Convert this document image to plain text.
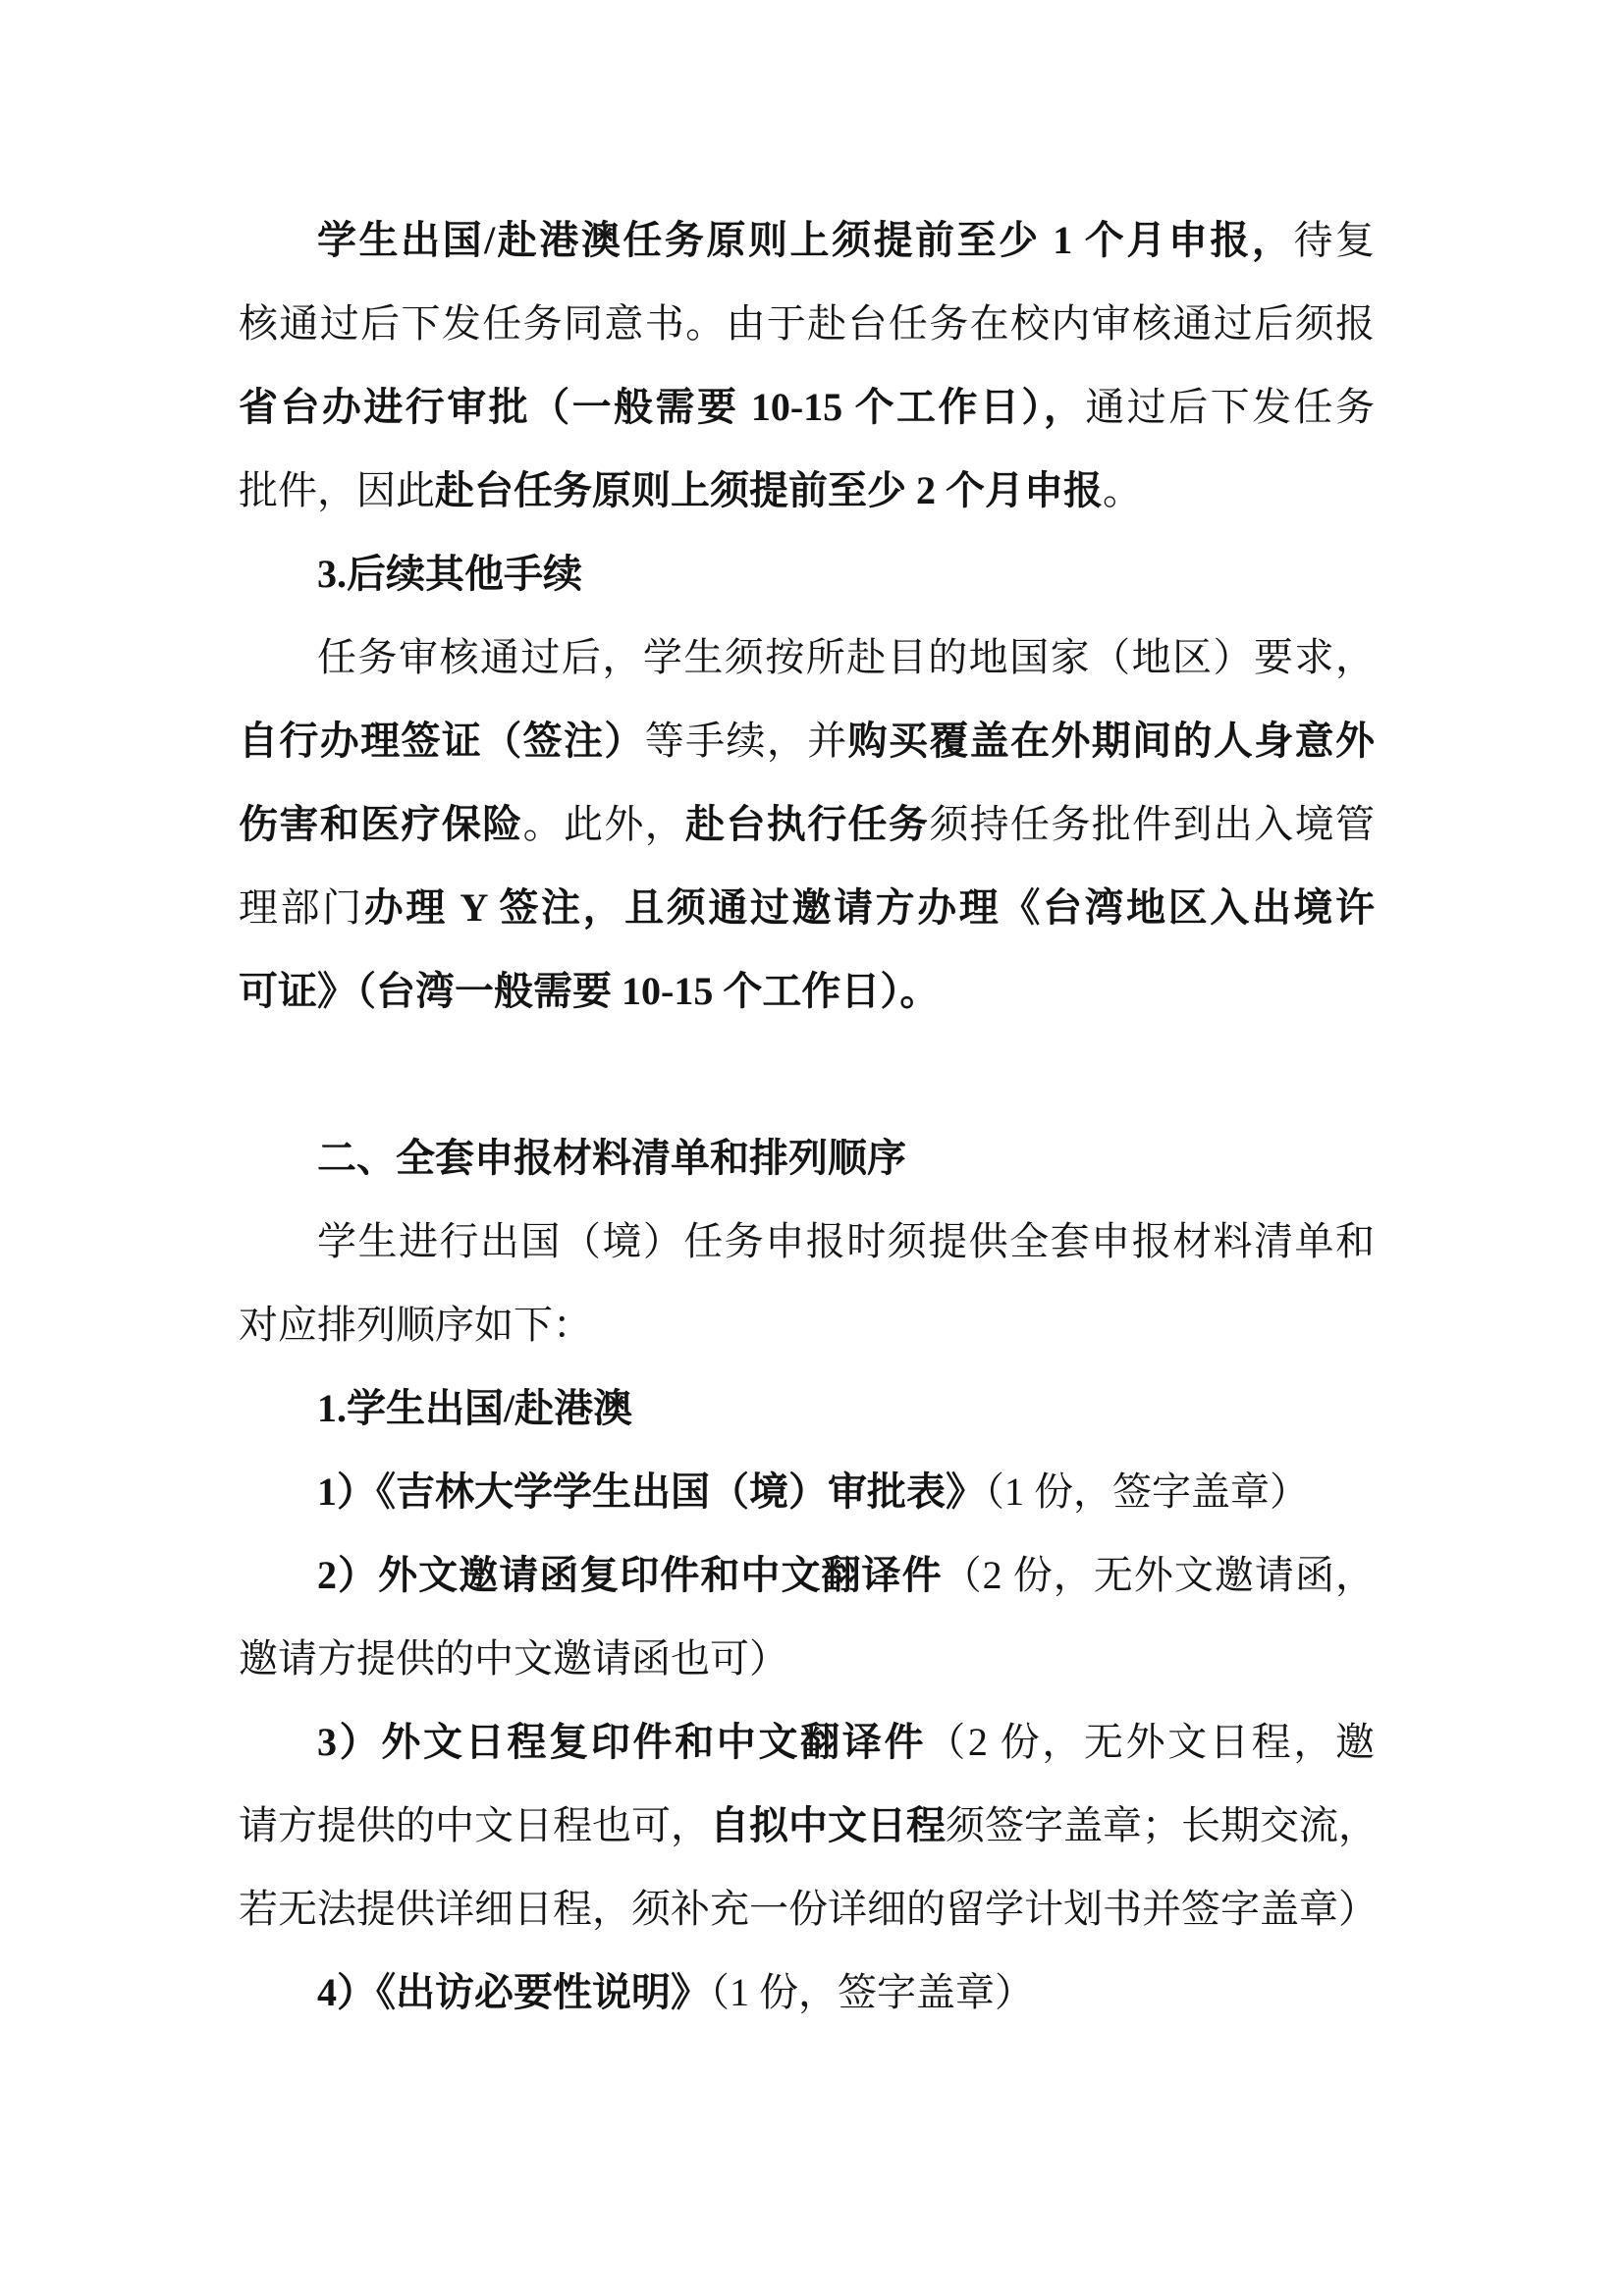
学生出国/赴港澳任务原则上须提前至少 1 个月申报，待复
核通过后下发任务同意书。由于赴台任务在校内审核通过后须报
省台办进行审批（一般需要 10-15 个工作日），通过后下发任务
批件，因此赴台任务原则上须提前至少 2 个月申报。
3.后续其他手续
任务审核通过后，学生须按所赴目的地国家（地区）要求，
自行办理签证（签注）等手续，并购买覆盖在外期间的人身意外
伤害和医疗保险。此外，赴台执行任务须持任务批件到出入境管
理部门办理 Y 签注，且须通过邀请方办理《台湾地区入出境许
可证》（台湾一般需要 10-15 个工作日）。
二、全套申报材料清单和排列顺序
学生进行出国（境）任务申报时须提供全套申报材料清单和
对应排列顺序如下：
1.学生出国/赴港澳
1）《吉林大学学生出国（境）审批表》（1 份，签字盖章）
2）外文邀请函复印件和中文翻译件（2 份，无外文邀请函，
邀请方提供的中文邀请函也可）
3）外文日程复印件和中文翻译件（2 份，无外文日程，邀
请方提供的中文日程也可，自拟中文日程须签字盖章；长期交流，
若无法提供详细日程，须补充一份详细的留学计划书并签字盖章）
4）《出访必要性说明》（1 份，签字盖章）
